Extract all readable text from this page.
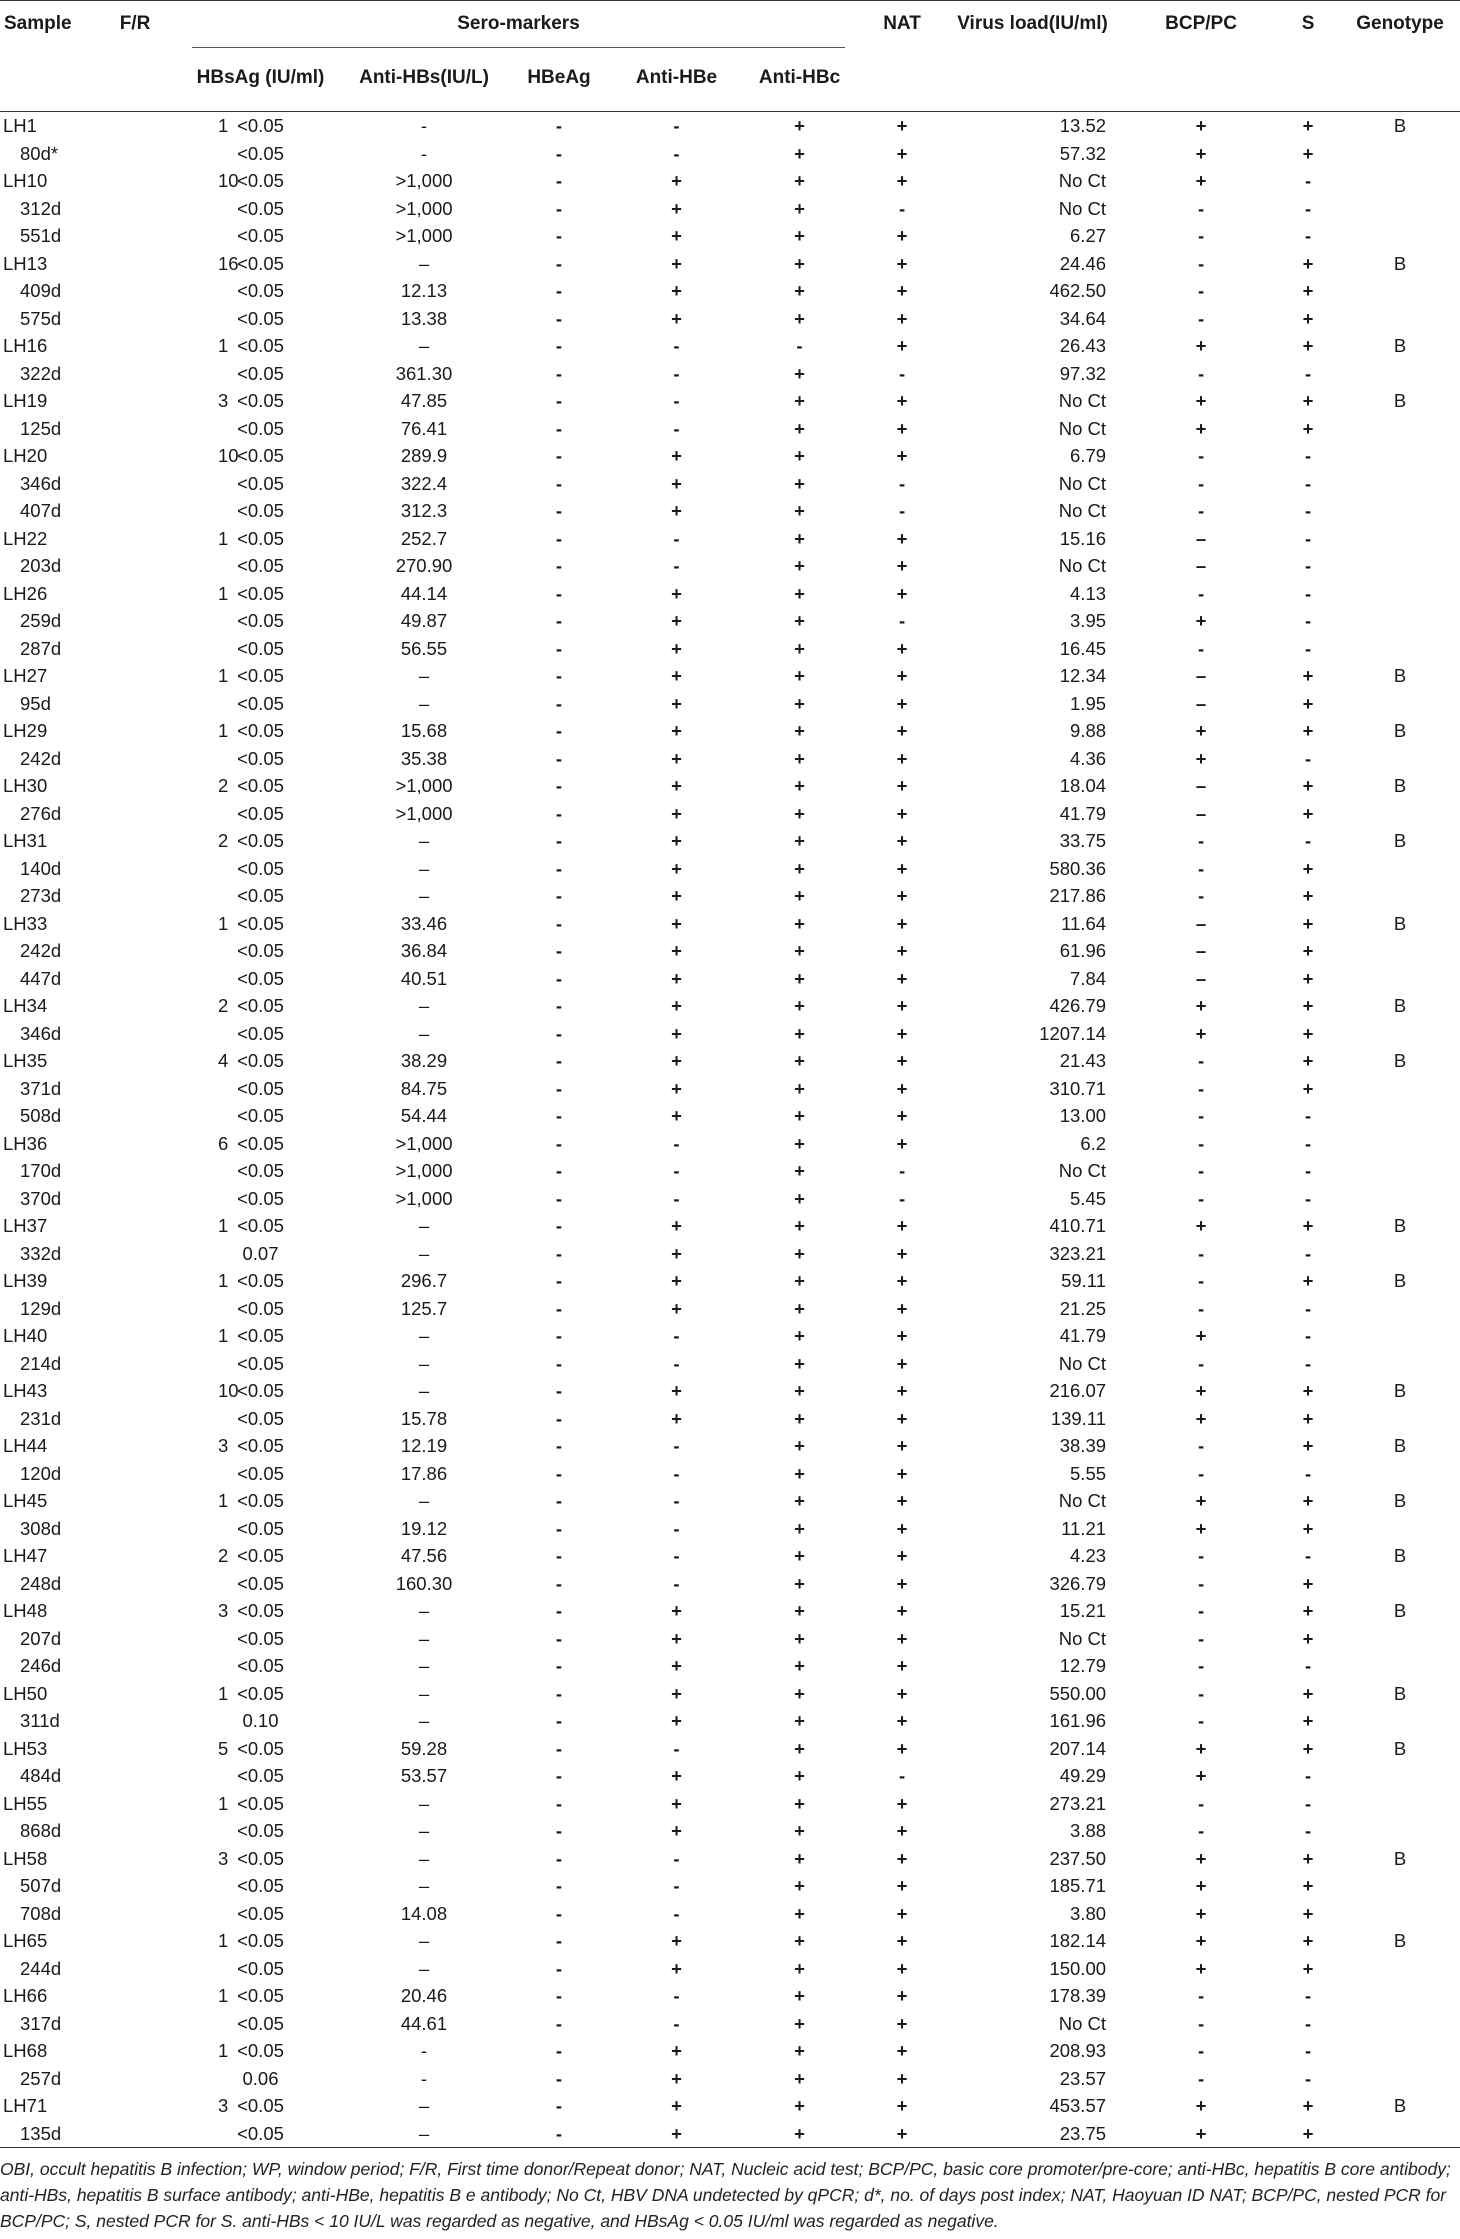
Sample	F/R	Sero-markers					NAT	Virus load(IU/ml)	BCP/PC	S	Genotype
		HBsAg (IU/ml)	Anti-HBs(IU/L)	HBeAg	Anti-HBe	Anti-HBc					
LH1	1	<0.05	-	-	-	+	+	13.52	+	+	B
80d*		<0.05	-	-	-	+	+	57.32	+	+	
LH10	10	<0.05	>1,000	-	+	+	+	No Ct	+	-	
312d		<0.05	>1,000	-	+	+	-	No Ct	-	-	
551d		<0.05	>1,000	-	+	+	+	6.27	-	-	
LH13	16	<0.05	–	-	+	+	+	24.46	-	+	B
409d		<0.05	12.13	-	+	+	+	462.50	-	+	
575d		<0.05	13.38	-	+	+	+	34.64	-	+	
LH16	1	<0.05	–	-	-	-	+	26.43	+	+	B
322d		<0.05	361.30	-	-	+	-	97.32	-	-	
LH19	3	<0.05	47.85	-	-	+	+	No Ct	+	+	B
125d		<0.05	76.41	-	-	+	+	No Ct	+	+	
LH20	10	<0.05	289.9	-	+	+	+	6.79	-	-	
346d		<0.05	322.4	-	+	+	-	No Ct	-	-	
407d		<0.05	312.3	-	+	+	-	No Ct	-	-	
LH22	1	<0.05	252.7	-	-	+	+	15.16	–	-	
203d		<0.05	270.90	-	-	+	+	No Ct	–	-	
LH26	1	<0.05	44.14	-	+	+	+	4.13	-	-	
259d		<0.05	49.87	-	+	+	-	3.95	+	-	
287d		<0.05	56.55	-	+	+	+	16.45	-	-	
LH27	1	<0.05	–	-	+	+	+	12.34	–	+	B
95d		<0.05	–	-	+	+	+	1.95	–	+	
LH29	1	<0.05	15.68	-	+	+	+	9.88	+	+	B
242d		<0.05	35.38	-	+	+	+	4.36	+	-	
LH30	2	<0.05	>1,000	-	+	+	+	18.04	–	+	B
276d		<0.05	>1,000	-	+	+	+	41.79	–	+	
LH31	2	<0.05	–	-	+	+	+	33.75	-	-	B
140d		<0.05	–	-	+	+	+	580.36	-	+	
273d		<0.05	–	-	+	+	+	217.86	-	+	
LH33	1	<0.05	33.46	-	+	+	+	11.64	–	+	B
242d		<0.05	36.84	-	+	+	+	61.96	–	+	
447d		<0.05	40.51	-	+	+	+	7.84	–	+	
LH34	2	<0.05	–	-	+	+	+	426.79	+	+	B
346d		<0.05	–	-	+	+	+	1207.14	+	+	
LH35	4	<0.05	38.29	-	+	+	+	21.43	-	+	B
371d		<0.05	84.75	-	+	+	+	310.71	-	+	
508d		<0.05	54.44	-	+	+	+	13.00	-	-	
LH36	6	<0.05	>1,000	-	-	+	+	6.2	-	-	
170d		<0.05	>1,000	-	-	+	-	No Ct	-	-	
370d		<0.05	>1,000	-	-	+	-	5.45	-	-	
LH37	1	<0.05	–	-	+	+	+	410.71	+	+	B
332d		0.07	–	-	+	+	+	323.21	-	-	
LH39	1	<0.05	296.7	-	+	+	+	59.11	-	+	B
129d		<0.05	125.7	-	+	+	+	21.25	-	-	
LH40	1	<0.05	–	-	-	+	+	41.79	+	-	
214d		<0.05	–	-	-	+	+	No Ct	-	-	
LH43	10	<0.05	–	-	+	+	+	216.07	+	+	B
231d		<0.05	15.78	-	+	+	+	139.11	+	+	
LH44	3	<0.05	12.19	-	-	+	+	38.39	-	+	B
120d		<0.05	17.86	-	-	+	+	5.55	-	-	
LH45	1	<0.05	–	-	-	+	+	No Ct	+	+	B
308d		<0.05	19.12	-	-	+	+	11.21	+	+	
LH47	2	<0.05	47.56	-	-	+	+	4.23	-	-	B
248d		<0.05	160.30	-	-	+	+	326.79	-	+	
LH48	3	<0.05	–	-	+	+	+	15.21	-	+	B
207d		<0.05	–	-	+	+	+	No Ct	-	+	
246d		<0.05	–	-	+	+	+	12.79	-	-	
LH50	1	<0.05	–	-	+	+	+	550.00	-	+	B
311d		0.10	–	-	+	+	+	161.96	-	+	
LH53	5	<0.05	59.28	-	-	+	+	207.14	+	+	B
484d		<0.05	53.57	-	+	+	-	49.29	+	-	
LH55	1	<0.05	–	-	+	+	+	273.21	-	-	
868d		<0.05	–	-	+	+	+	3.88	-	-	
LH58	3	<0.05	–	-	-	+	+	237.50	+	+	B
507d		<0.05	–	-	-	+	+	185.71	+	+	
708d		<0.05	14.08	-	-	+	+	3.80	+	+	
LH65	1	<0.05	–	-	+	+	+	182.14	+	+	B
244d		<0.05	–	-	+	+	+	150.00	+	+	
LH66	1	<0.05	20.46	-	-	+	+	178.39	-	-	
317d		<0.05	44.61	-	-	+	+	No Ct	-	-	
LH68	1	<0.05	-	-	+	+	+	208.93	-	-	
257d		0.06	-	-	+	+	+	23.57	-	-	
LH71	3	<0.05	–	-	+	+	+	453.57	+	+	B
135d		<0.05	–	-	+	+	+	23.75	+	+	
OBI, occult hepatitis B infection; WP, window period; F/R, First time donor/Repeat donor; NAT, Nucleic acid test; BCP/PC, basic core promoter/pre-core; anti-HBc, hepatitis B core antibody; anti-HBs, hepatitis B surface antibody; anti-HBe, hepatitis B e antibody; No Ct, HBV DNA undetected by qPCR; d*, no. of days post index; NAT, Haoyuan ID NAT; BCP/PC, nested PCR for BCP/PC; S, nested PCR for S. anti-HBs < 10 IU/L was regarded as negative, and HBsAg < 0.05 IU/ml was regarded as negative.
